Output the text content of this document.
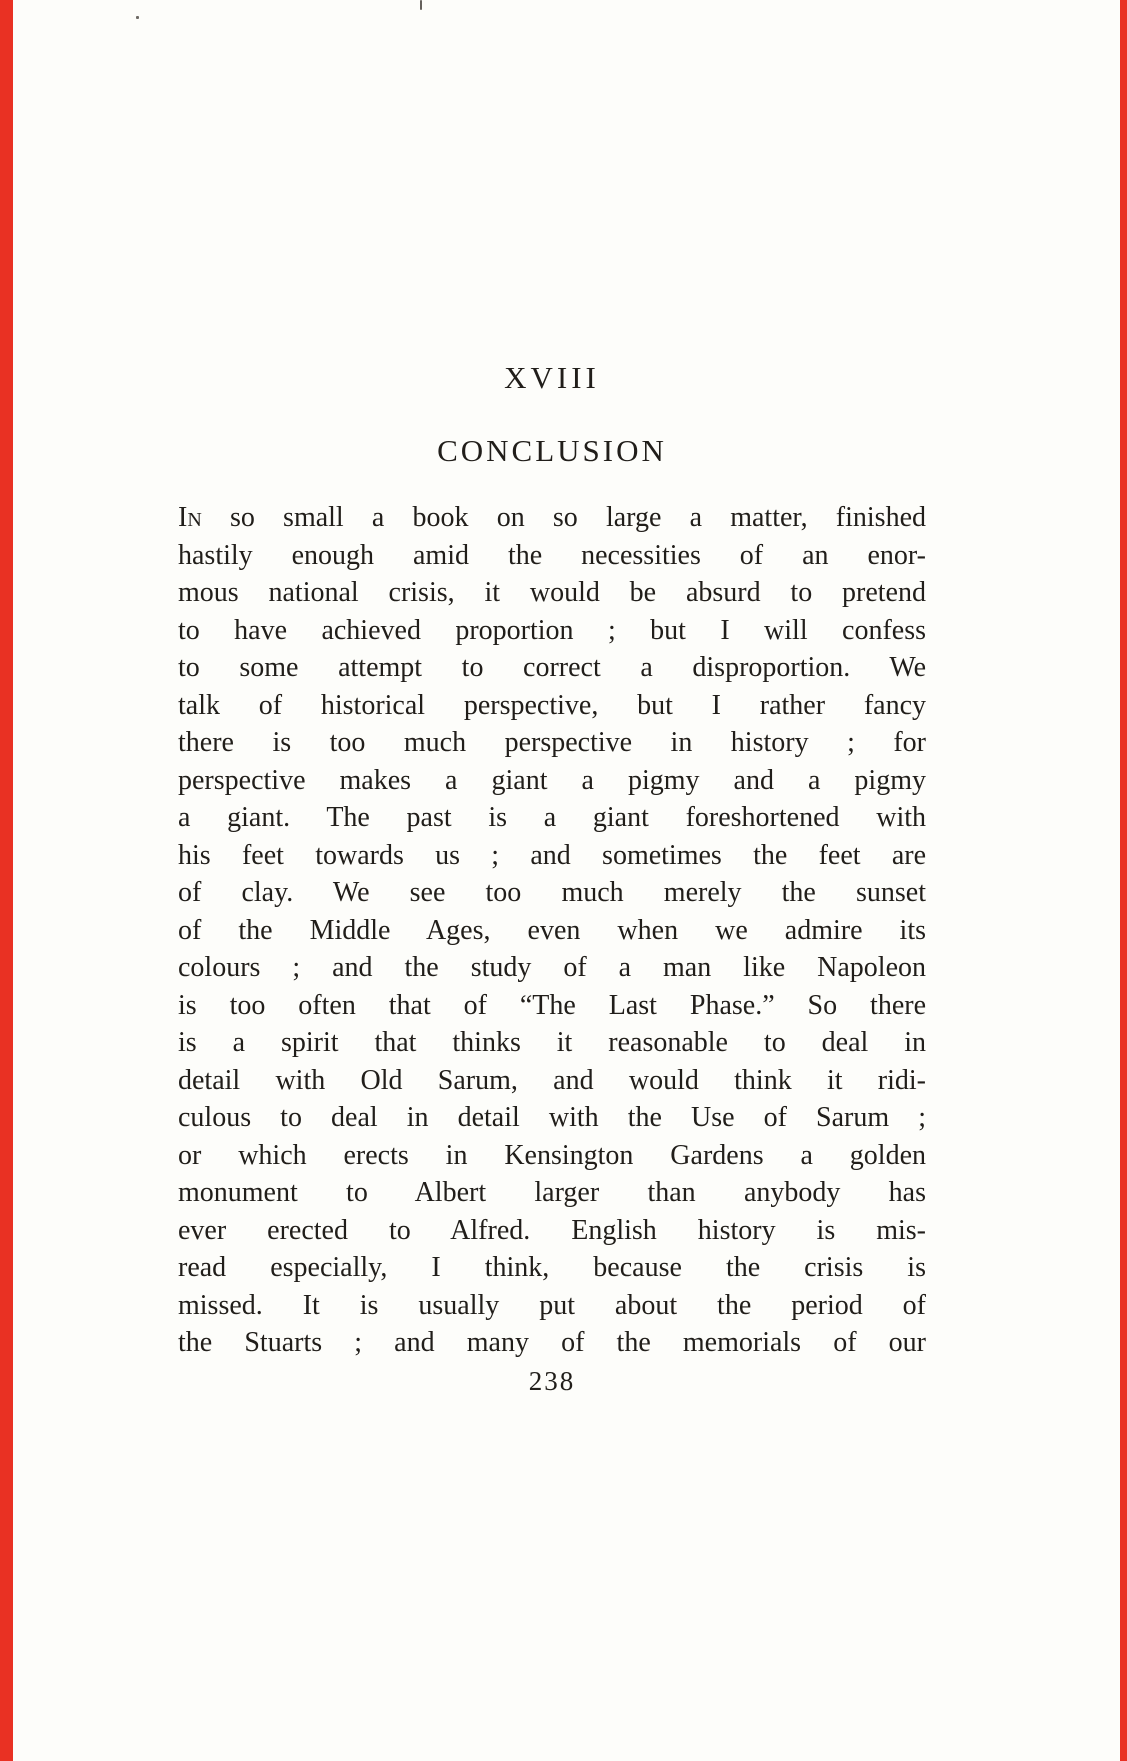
XVIII
CONCLUSION
In so small a book on so large a matter, finished
hastily enough amid the necessities of an enor-
mous national crisis, it would be absurd to pretend
to have achieved proportion ; but I will confess
to some attempt to correct a disproportion. We
talk of historical perspective, but I rather fancy
there is too much perspective in history ; for
perspective makes a giant a pigmy and a pigmy
a giant. The past is a giant foreshortened with
his feet towards us ; and sometimes the feet are
of clay. We see too much merely the sunset
of the Middle Ages, even when we admire its
colours ; and the study of a man like Napoleon
is too often that of “The Last Phase.” So there
is a spirit that thinks it reasonable to deal in
detail with Old Sarum, and would think it ridi-
culous to deal in detail with the Use of Sarum ;
or which erects in Kensington Gardens a golden
monument to Albert larger than anybody has
ever erected to Alfred. English history is mis-
read especially, I think, because the crisis is
missed. It is usually put about the period of
the Stuarts ; and many of the memorials of our
238
